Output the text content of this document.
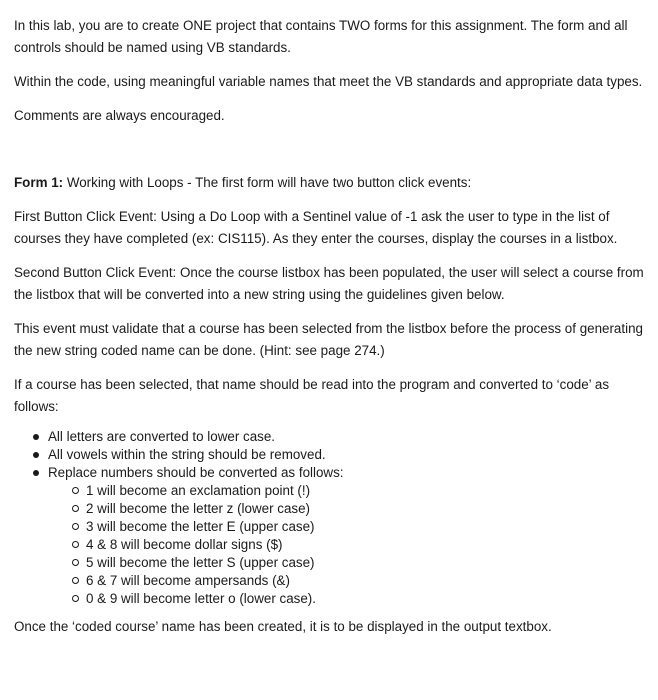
In this lab, you are to create ONE project that contains TWO forms for this assignment. The form and all controls should be named using VB standards.

Within the code, using meaningful variable names that meet the VB standards and appropriate data types.

Comments are always encouraged.

Form 1: Working with Loops - The first form will have two button click events:

First Button Click Event: Using a Do Loop with a Sentinel value of -1 ask the user to type in the list of courses they have completed (ex: CIS115). As they enter the courses, display the courses in a listbox.

Second Button Click Event: Once the course listbox has been populated, the user will select a course from the listbox that will be converted into a new string using the guidelines given below.

This event must validate that a course has been selected from the listbox before the process of generating the new string coded name can be done. (Hint: see page 274.)

If a course has been selected, that name should be read into the program and converted to ‘code’ as follows:

All letters are converted to lower case.
All vowels within the string should be removed.
Replace numbers should be converted as follows:
1 will become an exclamation point (!)
2 will become the letter z (lower case)
3 will become the letter E (upper case)
4 & 8 will become dollar signs ($)
5 will become the letter S (upper case)
6 & 7 will become ampersands (&)
0 & 9 will become letter o (lower case).

Once the ‘coded course’ name has been created, it is to be displayed in the output textbox.
